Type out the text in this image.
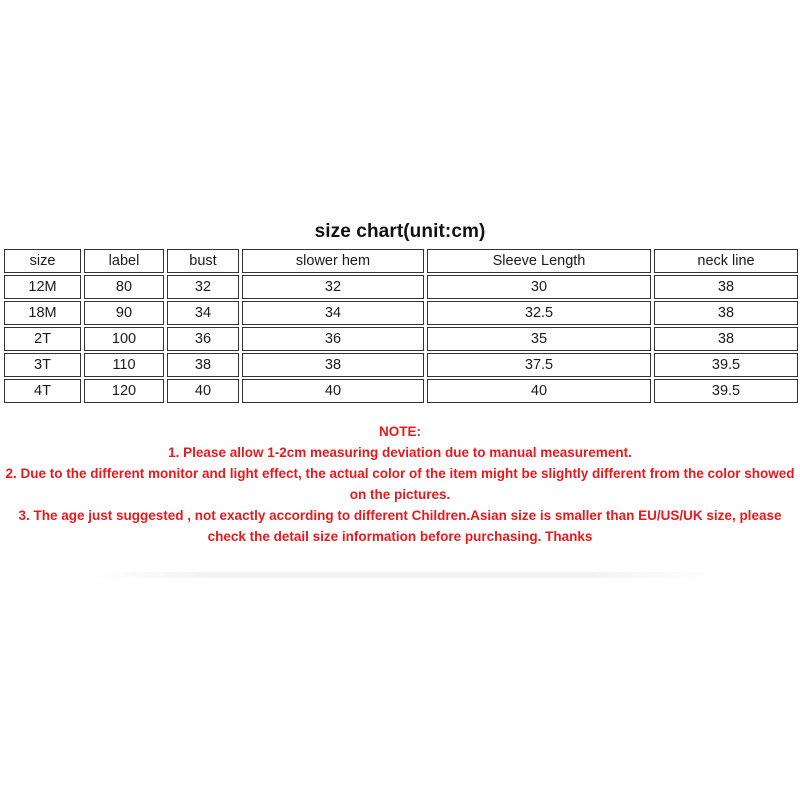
size chart(unit:cm)
size	label	bust	slower hem	Sleeve Length	neck line
12M	80	32	32	30	38
18M	90	34	34	32.5	38
2T	100	36	36	35	38
3T	110	38	38	37.5	39.5
4T	120	40	40	40	39.5

NOTE:

1. Please allow 1-2cm measuring deviation due to manual measurement.

2. Due to the different monitor and light effect, the actual color of the item might be slightly different from the color showed on the pictures.

3. The age just suggested , not exactly according to different Children.Asian size is smaller than EU/US/UK size, please check the detail size information before purchasing. Thanks
